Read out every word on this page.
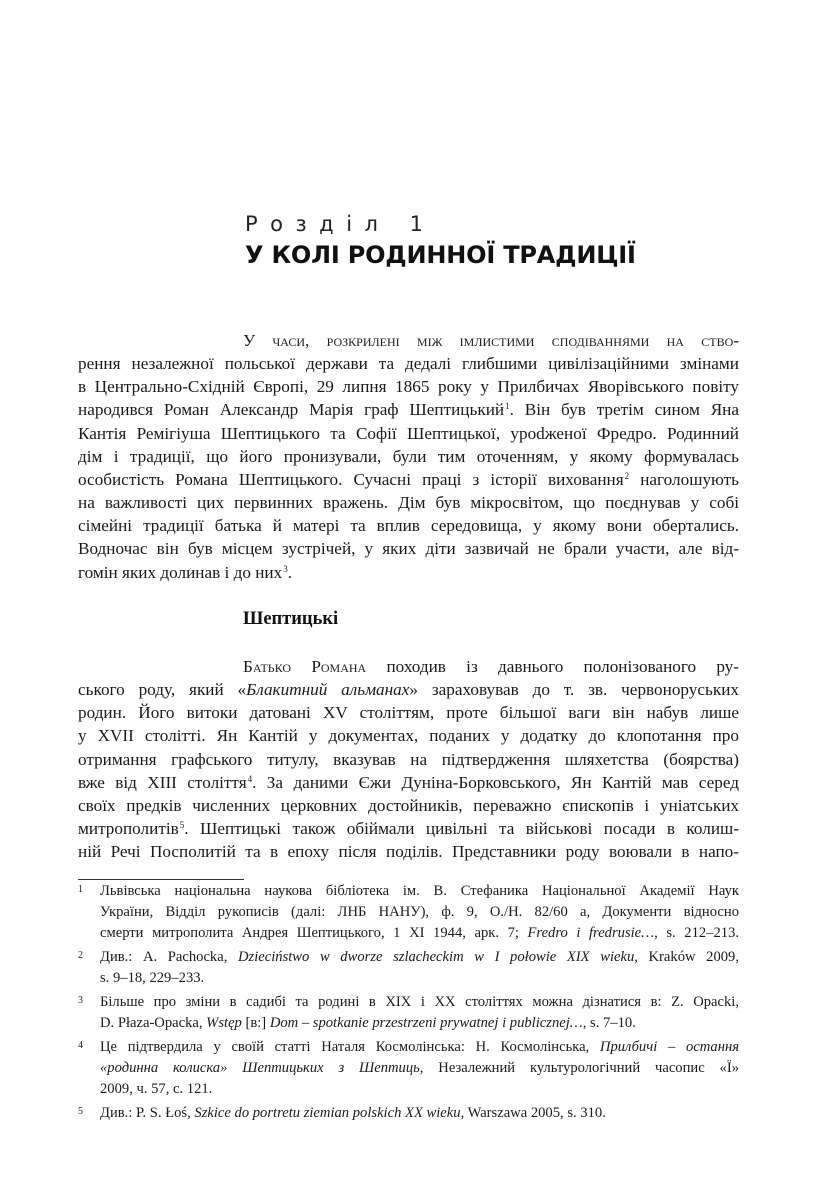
Розділ 1
У КОЛІ РОДИННОЇ ТРАДИЦІЇ
У часи, розкрилені між імлистими сподіваннями на ство-
рення незалежної польської держави та дедалі глибшими цивілізаційними змінами
в Центрально-Східній Європі, 29 липня 1865 року у Прилбичах Яворівського повіту
народився Роман Александр Марія граф Шептицький$^1$. Він був третім сином Яна
Кантія Ремігіуша Шептицького та Софії Шептицької, урodженої Фредро. Родинний
дім і традиції, що його пронизували, були тим оточенням, у якому формувалась
особистість Романа Шептицького. Сучасні праці з історії виховання$^2$ наголошують
на важливості цих первинних вражень. Дім був мікросвітом, що поєднував у собі
сімейні традиції батька й матері та вплив середовища, у якому вони обертались.
Водночас він був місцем зустрічей, у яких діти зазвичай не брали участи, але від-
гомін яких долинав і до них$^3$.
Шептицькі
Батько Романа походив із давнього полонізованого ру-
ського роду, який «Блакитний альманах» зараховував до т. зв. червоноруських
родин. Його витоки датовані XV століттям, проте більшої ваги він набув лише
у XVII столітті. Ян Кантій у документах, поданих у додатку до клопотання про
отримання графського титулу, вказував на підтвердження шляхетства (боярства)
вже від XIII століття$^4$. За даними Єжи Дуніна-Борковського, Ян Кантій мав серед
своїх предків численних церковних достойників, переважно єпископів і уніатських
митрополитів$^5$. Шептицькі також обіймали цивільні та військові посади в колиш-
ній Речі Посполитій та в епоху після поділів. Представники роду воювали в напо-
1 Львівська національна наукова бібліотека ім. В. Стефаника Національної Академії Наук
України, Відділ рукописів (далі: ЛНБ НАНУ), ф. 9, О./Н. 82/60 а, Документи відносно
смерти митрополита Андрея Шептицького, 1 XI 1944, арк. 7; Fredro i fredrusie…, s. 212–213.
2 Див.: A. Pachocka, Dzieciństwo w dworze szlacheckim w I połowie XIX wieku, Kraków 2009,
s. 9–18, 229–233.
3 Більше про зміни в садибі та родині в XIX і XX століттях можна дізнатися в: Z. Opacki,
D. Płaza-Opacka, Wstęp [в:] Dom – spotkanie przestrzeni prywatnej i publicznej…, s. 7–10.
4 Це підтвердила у своїй статті Наталя Космолінська: Н. Космолінська, Прилбичі – остання
«родинна колиска» Шептицьких з Шептиць, Незалежний культурологічний часопис «Ї»
2009, ч. 57, с. 121.
5 Див.: P. S. Łoś, Szkice do portretu ziemian polskich XX wieku, Warszawa 2005, s. 310.
